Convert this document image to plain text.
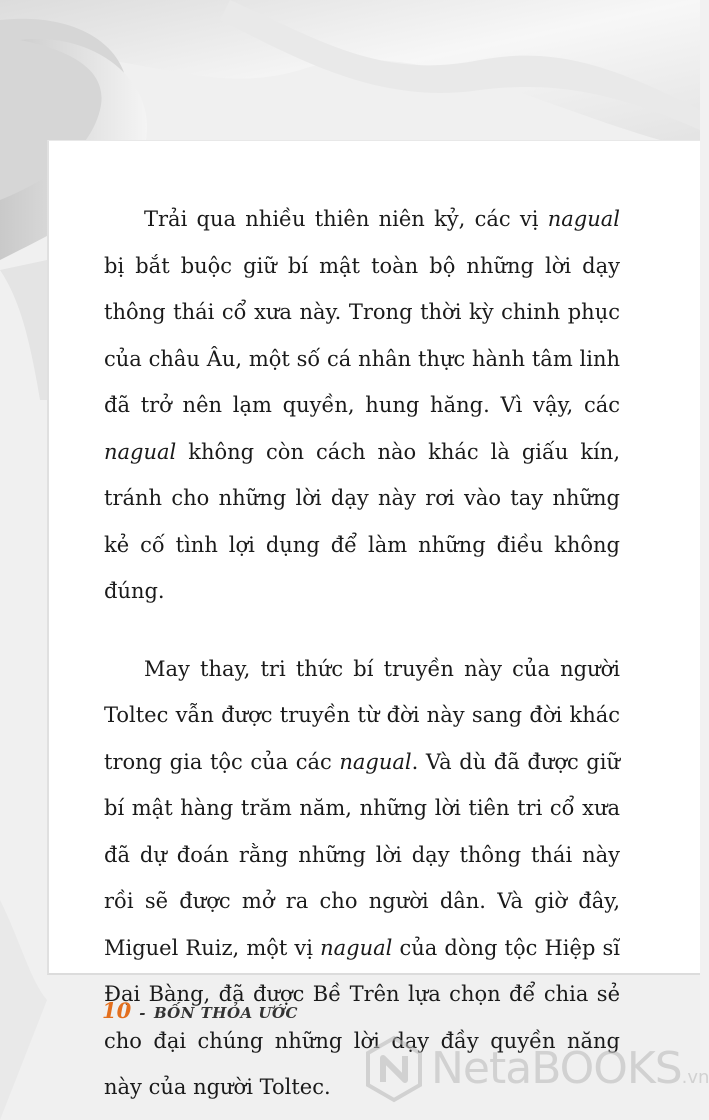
Trải qua nhiều thiên niên kỷ, các vị nagual bị bắt buộc giữ bí mật toàn bộ những lời dạy thông thái cổ xưa này. Trong thời kỳ chinh phục của châu Âu, một số cá nhân thực hành tâm linh đã trở nên lạm quyền, hung hăng. Vì vậy, các nagual không còn cách nào khác là giấu kín, tránh cho những lời dạy này rơi vào tay những kẻ cố tình lợi dụng để làm những điều không đúng.

May thay, tri thức bí truyền này của người Toltec vẫn được truyền từ đời này sang đời khác trong gia tộc của các nagual. Và dù đã được giữ bí mật hàng trăm năm, những lời tiên tri cổ xưa đã dự đoán rằng những lời dạy thông thái này rồi sẽ được mở ra cho người dân. Và giờ đây, Miguel Ruiz, một vị nagual của dòng tộc Hiệp sĩ Đại Bàng, đã được Bề Trên lựa chọn để chia sẻ cho đại chúng những lời dạy đầy quyền năng này của người Toltec.

10 - BỐN THỎA ƯỚC
NetaBOOKS.vn
